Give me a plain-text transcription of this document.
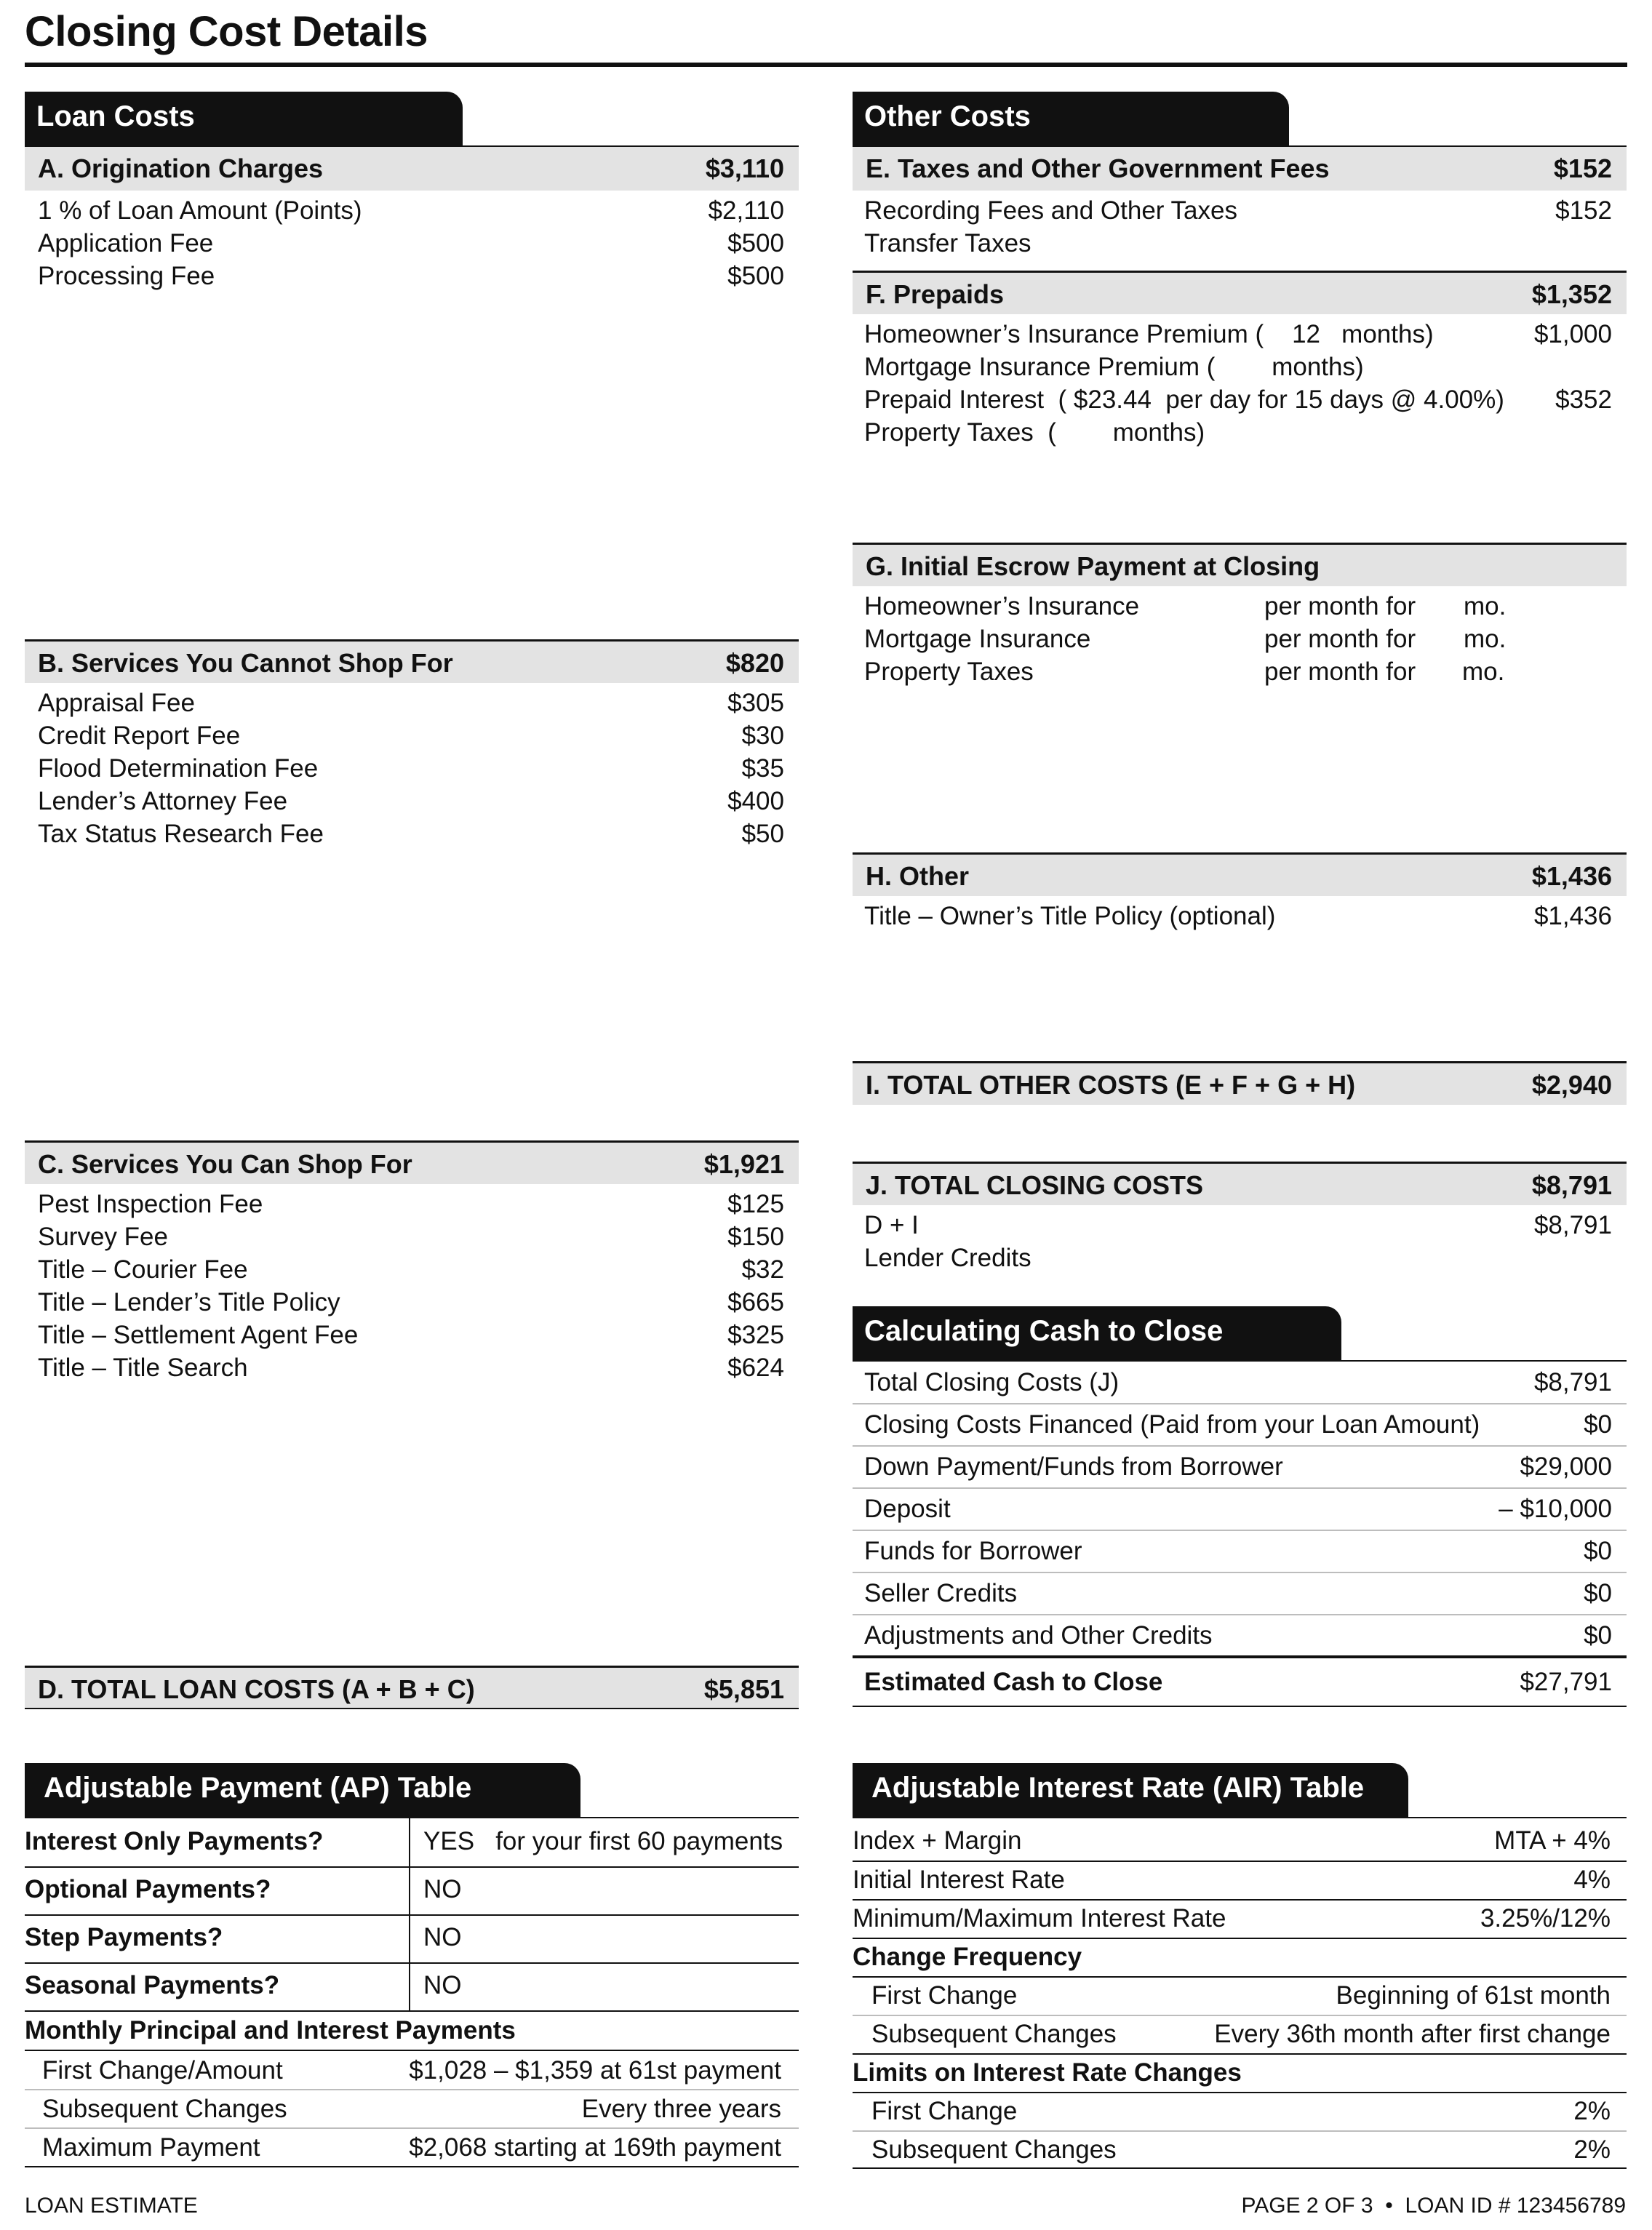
Closing Cost Details
Loan Costs
A. Origination Charges	$3,110
1 % of Loan Amount (Points)	$2,110
Application Fee	$500
Processing Fee	$500
B. Services You Cannot Shop For	$820
Appraisal Fee	$305
Credit Report Fee	$30
Flood Determination Fee	$35
Lender’s Attorney Fee	$400
Tax Status Research Fee	$50
C. Services You Can Shop For	$1,921
Pest Inspection Fee	$125
Survey Fee	$150
Title – Courier Fee	$32
Title – Lender’s Title Policy	$665
Title – Settlement Agent Fee	$325
Title – Title Search	$624
D. TOTAL LOAN COSTS (A + B + C)	$5,851
Other Costs
E. Taxes and Other Government Fees	$152
Recording Fees and Other Taxes	$152
Transfer Taxes
F. Prepaids	$1,352
Homeowner’s Insurance Premium (    12   months)	$1,000
Mortgage Insurance Premium (        months)
Prepaid Interest  ( $23.44  per day for 15 days @ 4.00%) $352
Property Taxes  (        months)
G. Initial Escrow Payment at Closing
Homeowner’s Insurance	per month for mo.
Mortgage Insurance	per month for mo.
Property Taxes	per month for mo.
H. Other	$1,436
Title – Owner’s Title Policy (optional)	$1,436
I. TOTAL OTHER COSTS (E + F + G + H)	$2,940
J. TOTAL CLOSING COSTS	$8,791
D + I	$8,791
Lender Credits
Calculating Cash to Close
Total Closing Costs (J)	$8,791
Closing Costs Financed (Paid from your Loan Amount)	$0
Down Payment/Funds from Borrower	$29,000
Deposit	– $10,000
Funds for Borrower	$0
Seller Credits	$0
Adjustments and Other Credits	$0
Estimated Cash to Close	$27,791
Adjustable Payment (AP) Table
Interest Only Payments?	YES   for your first 60 payments
Optional Payments?	NO
Step Payments?	NO
Seasonal Payments?	NO
Monthly Principal and Interest Payments
First Change/Amount	$1,028 – $1,359 at 61st payment
Subsequent Changes	Every three years
Maximum Payment	$2,068 starting at 169th payment
Adjustable Interest Rate (AIR) Table
Index + Margin	MTA + 4%
Initial Interest Rate	4%
Minimum/Maximum Interest Rate	3.25%/12%
Change Frequency
First Change	Beginning of 61st month
Subsequent Changes	Every 36th month after first change
Limits on Interest Rate Changes
First Change	2%
Subsequent Changes	2%
LOAN ESTIMATE	PAGE 2 OF 3  •  LOAN ID # 123456789
